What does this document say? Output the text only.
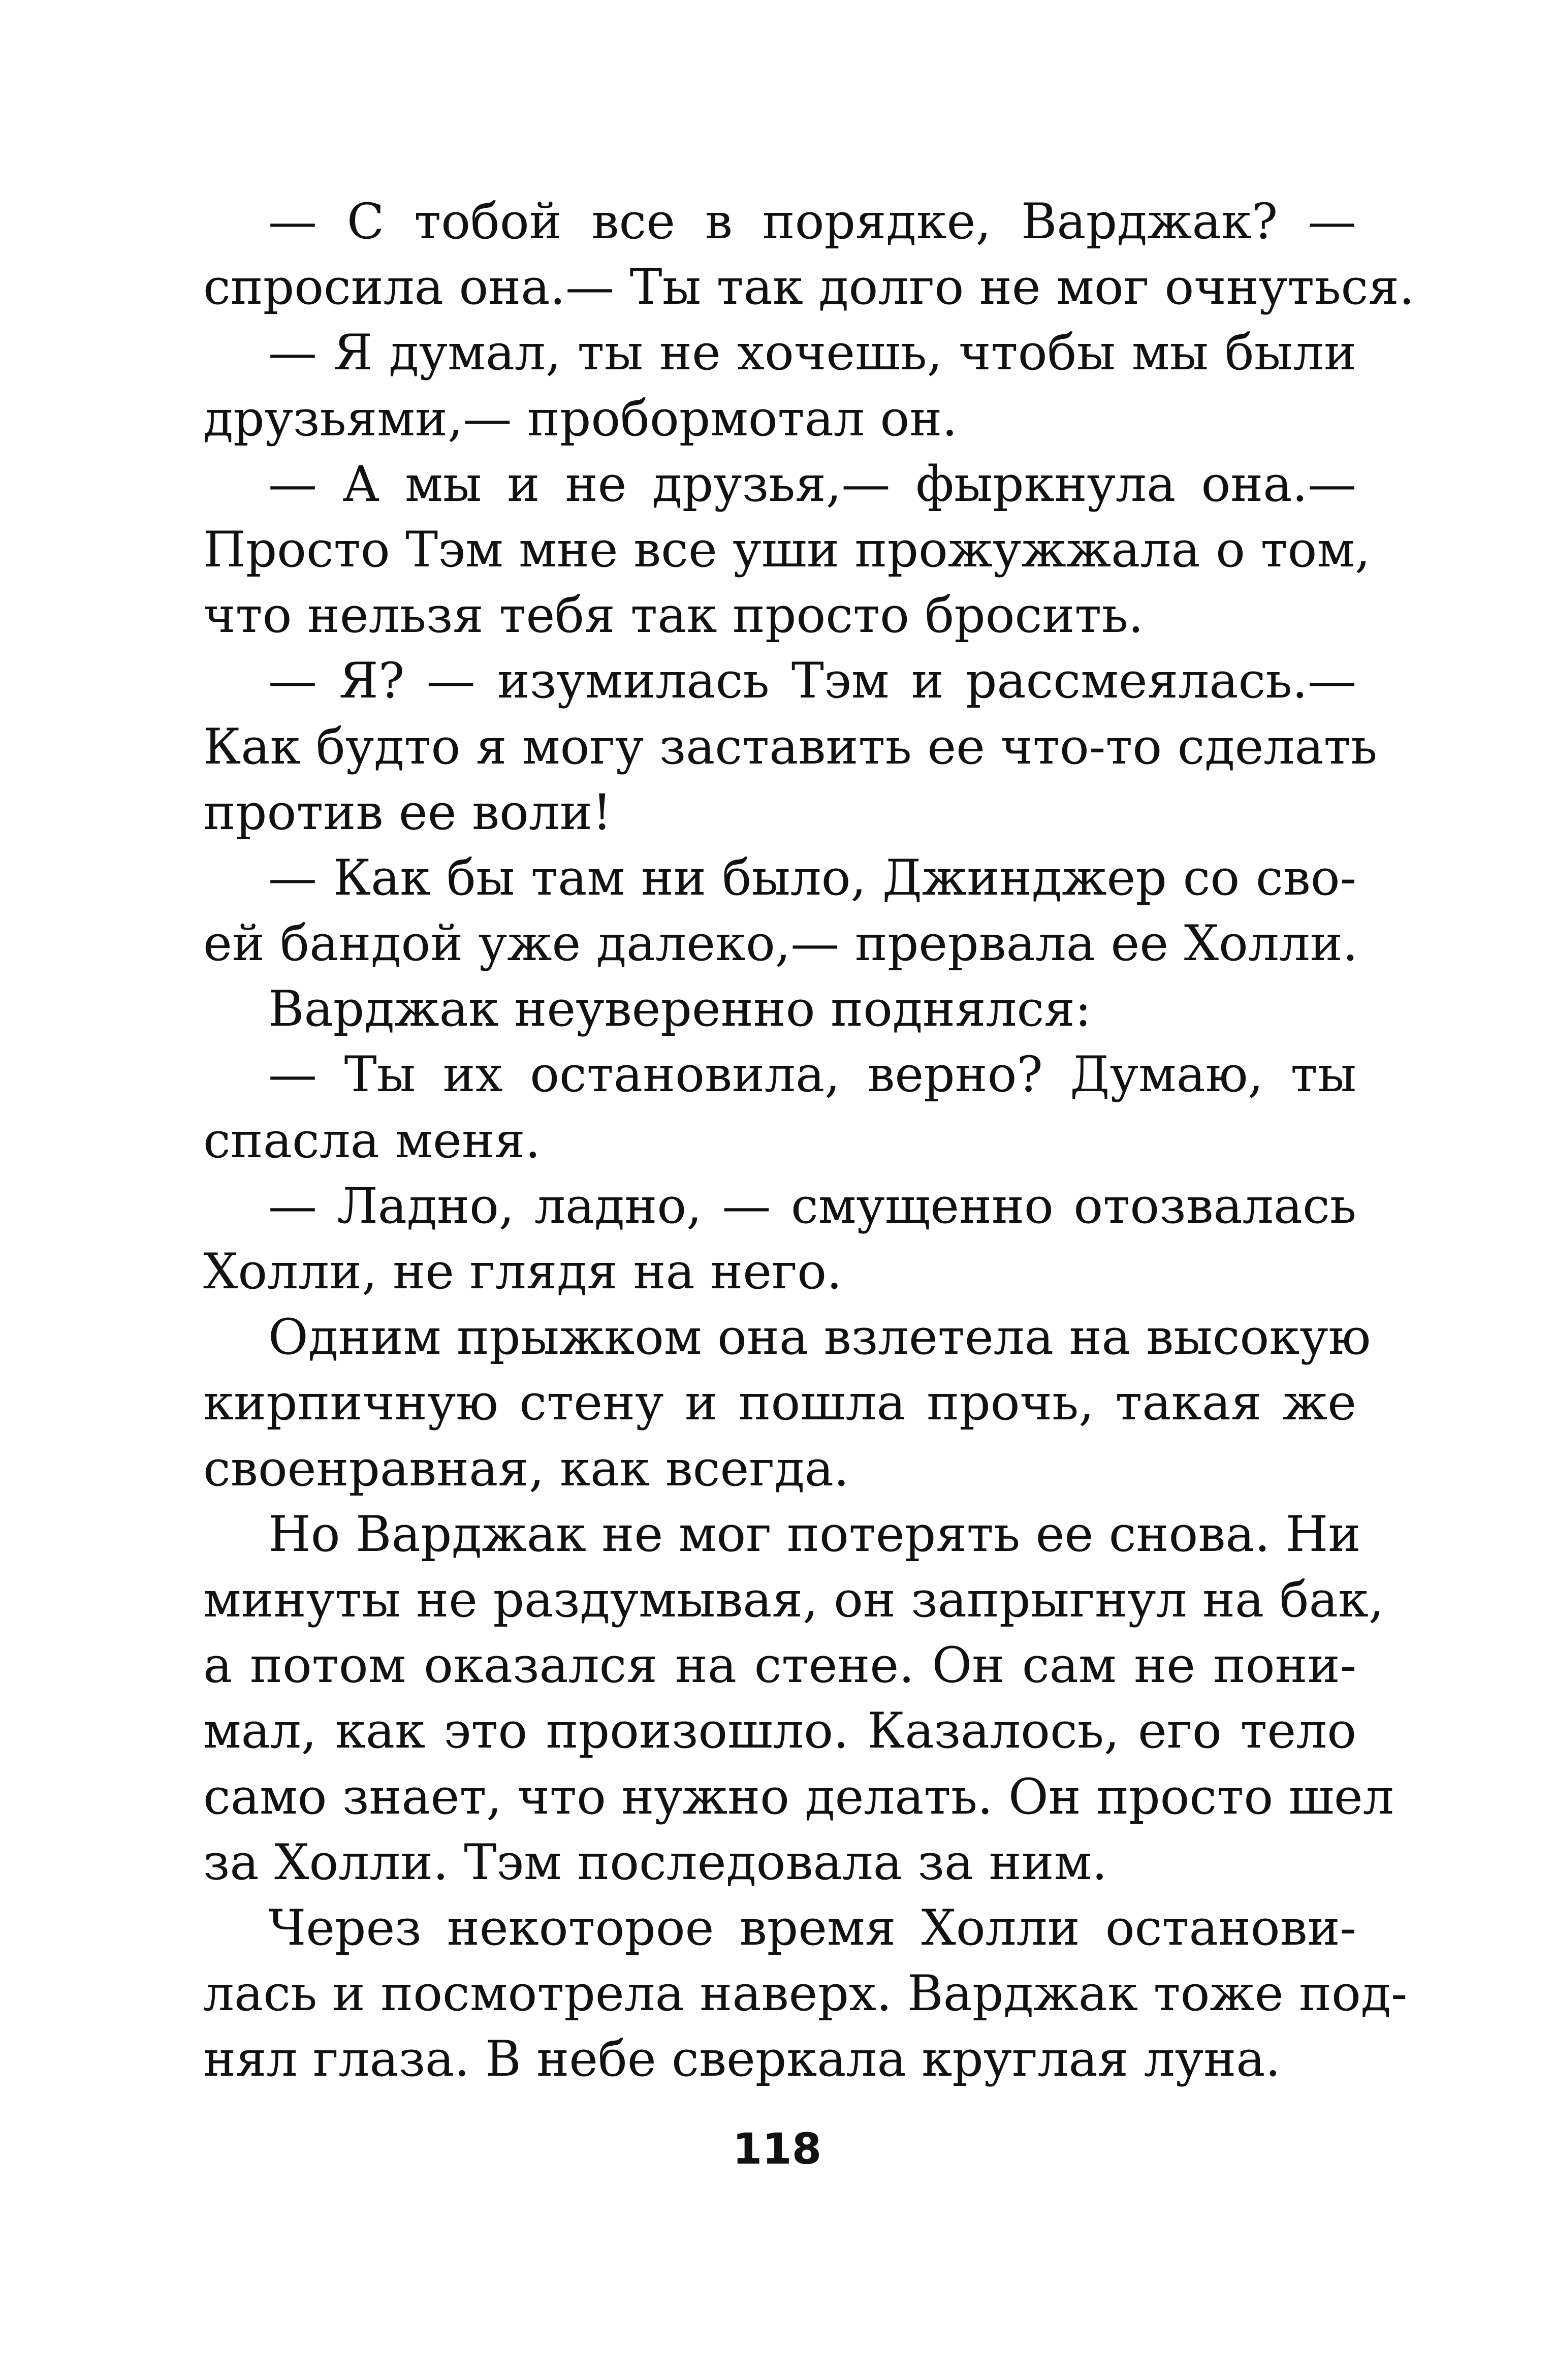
— С тобой все в порядке, Варджак? —
спросила она.— Ты так долго не мог очнуться.
— Я думал, ты не хочешь, чтобы мы были
друзьями,— пробормотал он.
— А мы и не друзья,— фыркнула она.—
Просто Тэм мне все уши прожужжала о том,
что нельзя тебя так просто бросить.
— Я? — изумилась Тэм и рассмеялась.—
Как будто я могу заставить ее что-то сделать
против ее воли!
— Как бы там ни было, Джинджер со сво-
ей бандой уже далеко,— прервала ее Холли.
Варджак неуверенно поднялся:
— Ты их остановила, верно? Думаю, ты
спасла меня.
— Ладно, ладно, — смущенно отозвалась
Холли, не глядя на него.
Одним прыжком она взлетела на высокую
кирпичную стену и пошла прочь, такая же
своенравная, как всегда.
Но Варджак не мог потерять ее снова. Ни
минуты не раздумывая, он запрыгнул на бак,
а потом оказался на стене. Он сам не пони-
мал, как это произошло. Казалось, его тело
само знает, что нужно делать. Он просто шел
за Холли. Тэм последовала за ним.
Через некоторое время Холли останови-
лась и посмотрела наверх. Варджак тоже под-
нял глаза. В небе сверкала круглая луна.
118
